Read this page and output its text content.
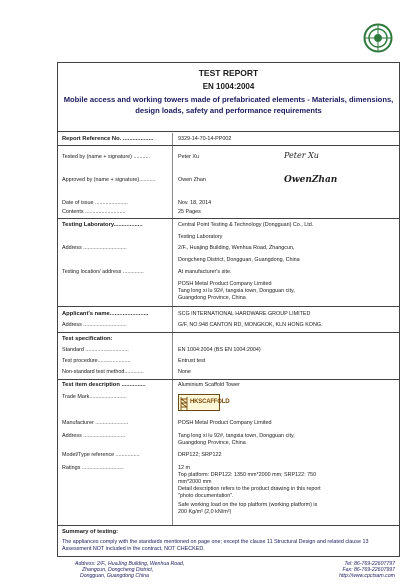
TEST REPORT
EN 1004:2004
Mobile access and working towers made of prefabricated elements - Materials, dimensions, design loads, safety and performance requirements
Report Reference No. ...................	9329-14-70-14-PP002
Tested by (name + signature) ...........	Peter Xu	Peter Xu
Approved by (name + signature)...........	Owen Zhan	OwenZhan
Date of issue ......................	Nov. 18, 2014
Contents ...........................	25 Pages
Testing Laboratory..................	Central Point Testing & Technology (Dongguan) Co., Ltd.
Testing Laboratory
Address .............................	2/F., Huajing Building, Wenhua Road, Zhangcun,
Dongcheng District, Dongguan, Guangdong, China
Testing location/ address ..............	At manufacturer's site.
POSH Metal Product Company Limited
Tang long xi lu 92#, tangxia town, Dongguan city,
Guangdong Province, China
Applicant's name........................	SCG INTERNATIONAL HARDWARE GROUP LIMITED
Address .............................	G/F, NO.948 CANTON RD, MONGKOK, KLN HONG KONG.
Test specification:
Standard .............................	EN 1004:2004 (BS EN 1004:2004)
Test procedure......................	Entrust test
Non-standard test method.............	None
Test item description ...............	Aluminium Scaffold Tower
Trade Mark.........................
HKSCAFFOLD
Manufacturer ......................	POSH Metal Product Company Limited
Address ............................	Tang long xi lu 92#, tangxia town, Dongguan city,
Guangdong Province, China
Model/Type reference ................	DRP122; SRP122
Ratings ............................	12 m
Top platform: DRP122: 1350 mm*2000 mm; SRP122: 750
mm*2000 mm
Detail description refers to the product drawing in this report
"photo documentation".
Safe working load on the top platform (working platform) is
200 Kg/m² (2,0 kN/m²)
Summary of testing:
The appliances comply with the standards mentioned on page one; except the clause 11 Structural Design and related clause 13 Assessment NOT included in the contract, NOT CHECKED.
Address: 2/F., HuaJing Building, Wenhua Road,
Zhangcun, Dongcheng District,
Dongguan, Guangdong China
Tel: 86-769-22607797
Fax: 86-769-22607997
http://www.cpctsam.com
